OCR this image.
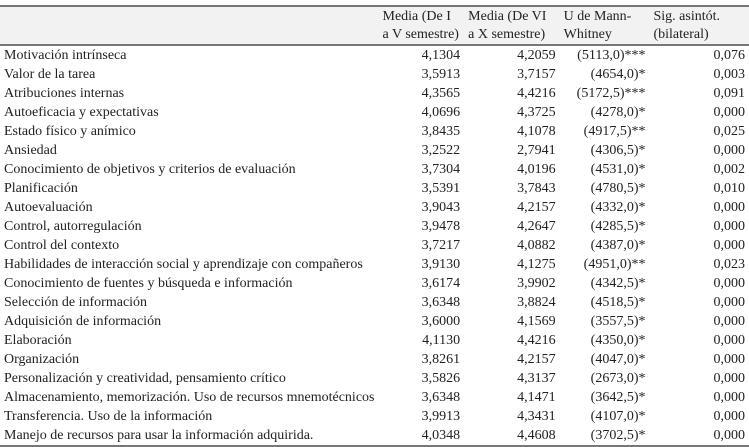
	Media (De I a V semestre)	Media (De VI a X semestre)	U de Mann-Whitney	Sig. asintót. (bilateral)
Motivación intrínseca	4,1304	4,2059	(5113,0)***	0,076
Valor de la tarea	3,5913	3,7157	(4654,0)*	0,003
Atribuciones internas	4,3565	4,4216	(5172,5)***	0,091
Autoeficacia y expectativas	4,0696	4,3725	(4278,0)*	0,000
Estado físico y anímico	3,8435	4,1078	(4917,5)**	0,025
Ansiedad	3,2522	2,7941	(4306,5)*	0,000
Conocimiento de objetivos y criterios de evaluación	3,7304	4,0196	(4531,0)*	0,002
Planificación	3,5391	3,7843	(4780,5)*	0,010
Autoevaluación	3,9043	4,2157	(4332,0)*	0,000
Control, autorregulación	3,9478	4,2647	(4285,5)*	0,000
Control del contexto	3,7217	4,0882	(4387,0)*	0,000
Habilidades de interacción social y aprendizaje con compañeros	3,9130	4,1275	(4951,0)**	0,023
Conocimiento de fuentes y búsqueda e información	3,6174	3,9902	(4342,5)*	0,000
Selección de información	3,6348	3,8824	(4518,5)*	0,000
Adquisición de información	3,6000	4,1569	(3557,5)*	0,000
Elaboración	4,1130	4,4216	(4350,0)*	0,000
Organización	3,8261	4,2157	(4047,0)*	0,000
Personalización y creatividad, pensamiento crítico	3,5826	4,3137	(2673,0)*	0,000
Almacenamiento, memorización. Uso de recursos mnemotécnicos	3,6348	4,1471	(3642,5)*	0,000
Transferencia. Uso de la información	3,9913	4,3431	(4107,0)*	0,000
Manejo de recursos para usar la información adquirida.	4,0348	4,4608	(3702,5)*	0,000
